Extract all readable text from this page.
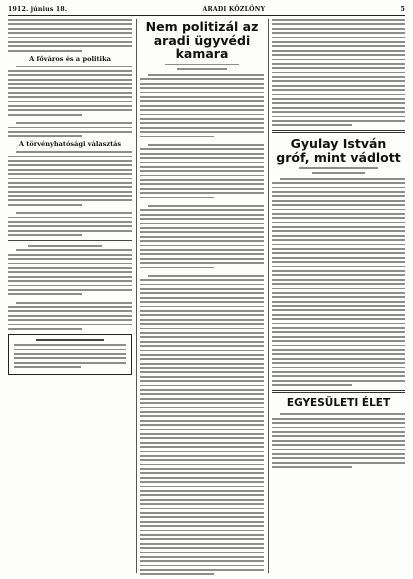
1912. június 18.	ARADI KÖZLÖNY	5
A főváros és a politika
A törvényhatósági választás
Nem politizál az aradi ügyvédi kamara
Gyulay István gróf, mint vádlott
EGYESÜLETI ÉLET
